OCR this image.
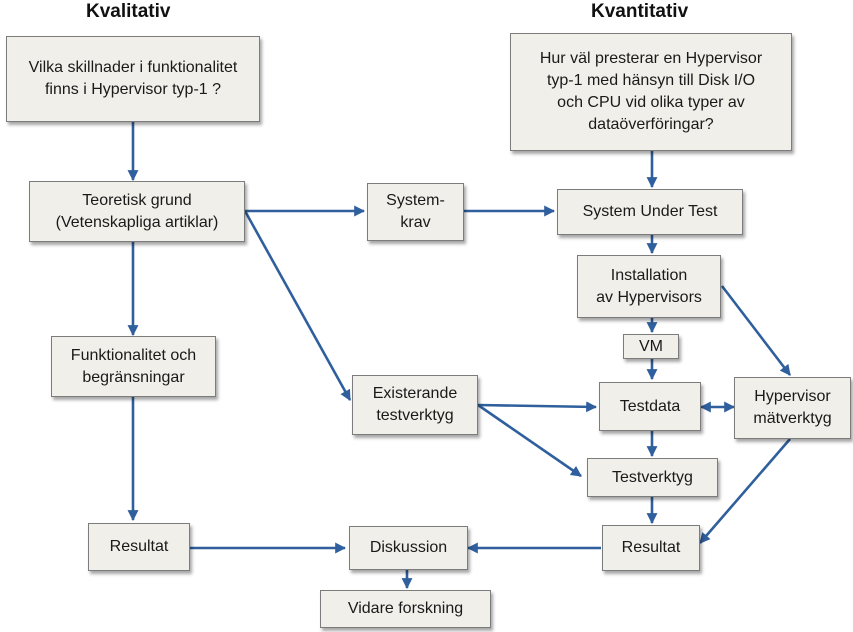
Kvalitativ	Kvantitativ
Vilka skillnader i funktionalitet
finns i Hypervisor typ-1 ?
Hur väl presterar en Hypervisor
typ-1 med hänsyn till Disk I/O
och CPU vid olika typer av
dataöverföringar?
Teoretisk grund
(Vetenskapliga artiklar)
System-
krav
System Under Test
Installation
av Hypervisors
VM
Funktionalitet och
begränsningar
Existerande
testverktyg
Testdata
Hypervisor
mätverktyg
Testverktyg
Resultat	Diskussion	Resultat
Vidare forskning
